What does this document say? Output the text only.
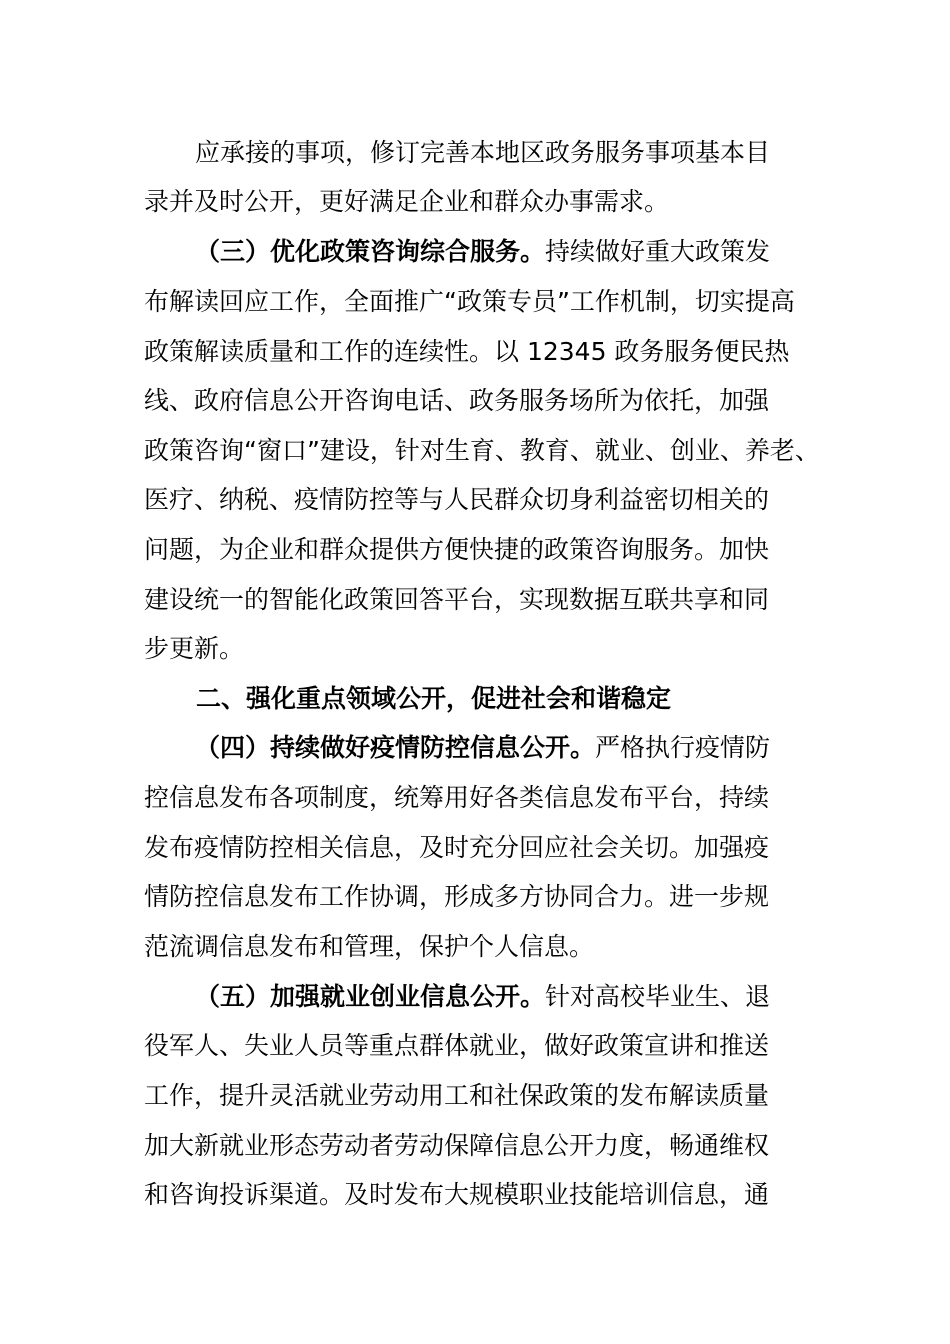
应承接的事项，修订完善本地区政务服务事项基本目
录并及时公开，更好满足企业和群众办事需求。
（三）优化政策咨询综合服务。持续做好重大政策发
布解读回应工作，全面推广“政策专员”工作机制，切实提高
政策解读质量和工作的连续性。以 12345 政务服务便民热
线、政府信息公开咨询电话、政务服务场所为依托，加强
政策咨询“窗口”建设，针对生育、教育、就业、创业、养老、
医疗、纳税、疫情防控等与人民群众切身利益密切相关的
问题，为企业和群众提供方便快捷的政策咨询服务。加快
建设统一的智能化政策回答平台，实现数据互联共享和同
步更新。
二、强化重点领域公开，促进社会和谐稳定
（四）持续做好疫情防控信息公开。严格执行疫情防
控信息发布各项制度，统筹用好各类信息发布平台，持续
发布疫情防控相关信息，及时充分回应社会关切。加强疫
情防控信息发布工作协调，形成多方协同合力。进一步规
范流调信息发布和管理，保护个人信息。
（五）加强就业创业信息公开。针对高校毕业生、退
役军人、失业人员等重点群体就业，做好政策宣讲和推送
工作，提升灵活就业劳动用工和社保政策的发布解读质量
加大新就业形态劳动者劳动保障信息公开力度，畅通维权
和咨询投诉渠道。及时发布大规模职业技能培训信息，通
